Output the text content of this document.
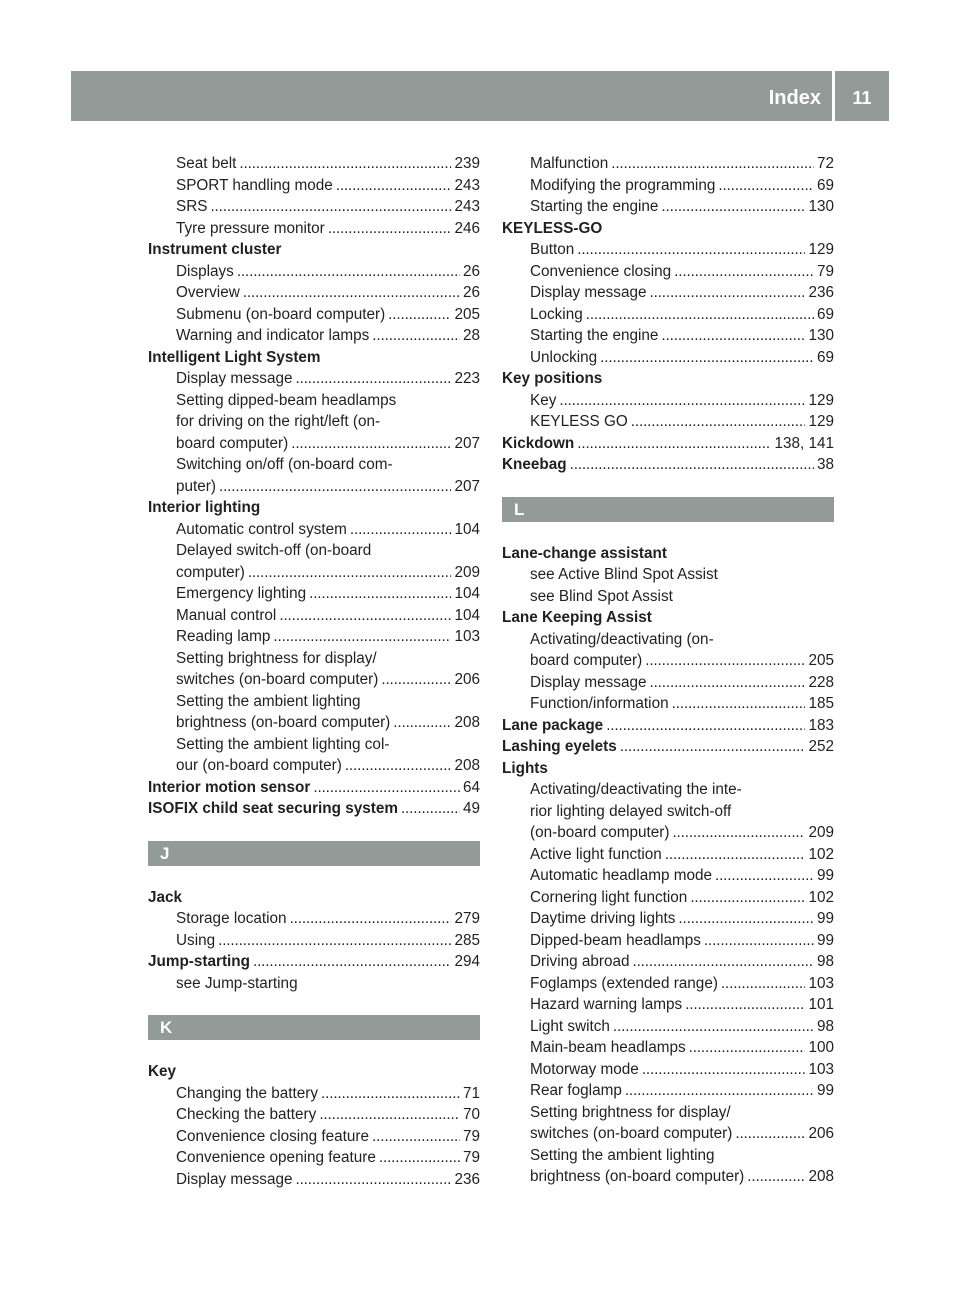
Index	11
Seat belt . . .	239
SPORT handling mode . . .	243
SRS . . .	243
Tyre pressure monitor . . .	246
Instrument cluster
Displays . . .	26
Overview . . .	26
Submenu (on-board computer) . . .	205
Warning and indicator lamps . . .	28
Intelligent Light System
Display message . . .	223
Setting dipped-beam headlamps
for driving on the right/left (on-
board computer) . . .	207
Switching on/off (on-board com-
puter) . . .	207
Interior lighting
Automatic control system . . .	104
Delayed switch-off (on-board
computer) . . .	209
Emergency lighting . . .	104
Manual control . . .	104
Reading lamp . . .	103
Setting brightness for display/
switches (on-board computer) . . .	206
Setting the ambient lighting
brightness (on-board computer) . . .	208
Setting the ambient lighting col-
our (on-board computer) . . .	208
Interior motion sensor . . .	64
ISOFIX child seat securing system . . .	49
J
Jack
Storage location . . .	279
Using . . .	285
Jump-starting . . .	294
see Jump-starting
K
Key
Changing the battery . . .	71
Checking the battery . . .	70
Convenience closing feature . . .	79
Convenience opening feature . . .	79
Display message . . .	236
Malfunction . . .	72
Modifying the programming . . .	69
Starting the engine . . .	130
KEYLESS-GO
Button . . .	129
Convenience closing . . .	79
Display message . . .	236
Locking . . .	69
Starting the engine . . .	130
Unlocking . . .	69
Key positions
Key . . .	129
KEYLESS GO . . .	129
Kickdown . . .	138, 141
Kneebag . . .	38
L
Lane-change assistant
see Active Blind Spot Assist
see Blind Spot Assist
Lane Keeping Assist
Activating/deactivating (on-
board computer) . . .	205
Display message . . .	228
Function/information . . .	185
Lane package . . .	183
Lashing eyelets . . .	252
Lights
Activating/deactivating the inte-
rior lighting delayed switch-off
(on-board computer) . . .	209
Active light function . . .	102
Automatic headlamp mode . . .	99
Cornering light function . . .	102
Daytime driving lights . . .	99
Dipped-beam headlamps . . .	99
Driving abroad . . .	98
Foglamps (extended range) . . .	103
Hazard warning lamps . . .	101
Light switch . . .	98
Main-beam headlamps . . .	100
Motorway mode . . .	103
Rear foglamp . . .	99
Setting brightness for display/
switches (on-board computer) . . .	206
Setting the ambient lighting
brightness (on-board computer) . . .	208
